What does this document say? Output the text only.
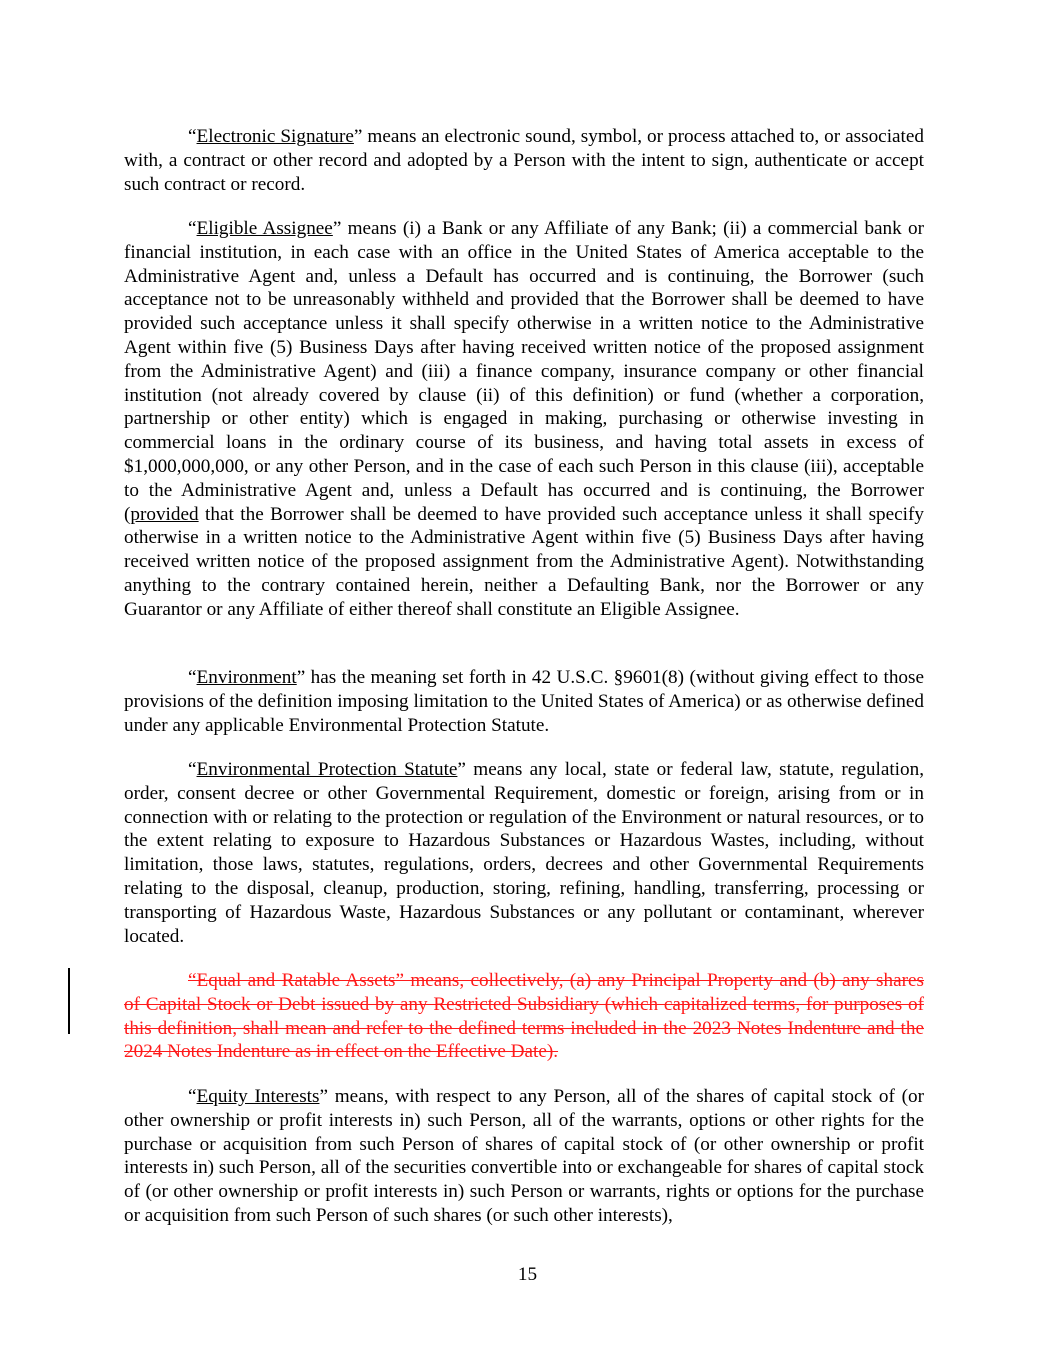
“Electronic Signature” means an electronic sound, symbol, or process attached to, or associated with, a contract or other record and adopted by a Person with the intent to sign, authenticate or accept such contract or record.

“Eligible Assignee” means (i) a Bank or any Affiliate of any Bank; (ii) a commercial bank or financial institution, in each case with an office in the United States of America acceptable to the Administrative Agent and, unless a Default has occurred and is continuing, the Borrower (such acceptance not to be unreasonably withheld and provided that the Borrower shall be deemed to have provided such acceptance unless it shall specify otherwise in a written notice to the Administrative Agent within five (5) Business Days after having received written notice of the proposed assignment from the Administrative Agent) and (iii) a finance company, insurance company or other financial institution (not already covered by clause (ii) of this definition) or fund (whether a corporation, partnership or other entity) which is engaged in making, purchasing or otherwise investing in commercial loans in the ordinary course of its business, and having total assets in excess of $1,000,000,000, or any other Person, and in the case of each such Person in this clause (iii), acceptable to the Administrative Agent and, unless a Default has occurred and is continuing, the Borrower (provided that the Borrower shall be deemed to have provided such acceptance unless it shall specify otherwise in a written notice to the Administrative Agent within five (5) Business Days after having received written notice of the proposed assignment from the Administrative Agent). Notwithstanding anything to the contrary contained herein, neither a Defaulting Bank, nor the Borrower or any Guarantor or any Affiliate of either thereof shall constitute an Eligible Assignee.

“Environment” has the meaning set forth in 42 U.S.C. §9601(8) (without giving effect to those provisions of the definition imposing limitation to the United States of America) or as otherwise defined under any applicable Environmental Protection Statute.

“Environmental Protection Statute” means any local, state or federal law, statute, regulation, order, consent decree or other Governmental Requirement, domestic or foreign, arising from or in connection with or relating to the protection or regulation of the Environment or natural resources, or to the extent relating to exposure to Hazardous Substances or Hazardous Wastes, including, without limitation, those laws, statutes, regulations, orders, decrees and other Governmental Requirements relating to the disposal, cleanup, production, storing, refining, handling, transferring, processing or transporting of Hazardous Waste, Hazardous Substances or any pollutant or contaminant, wherever located.

“Equal and Ratable Assets” means, collectively, (a) any Principal Property and (b) any shares of Capital Stock or Debt issued by any Restricted Subsidiary (which capitalized terms, for purposes of this definition, shall mean and refer to the defined terms included in the 2023 Notes Indenture and the 2024 Notes Indenture as in effect on the Effective Date).

“Equity Interests” means, with respect to any Person, all of the shares of capital stock of (or other ownership or profit interests in) such Person, all of the warrants, options or other rights for the purchase or acquisition from such Person of shares of capital stock of (or other ownership or profit interests in) such Person, all of the securities convertible into or exchangeable for shares of capital stock of (or other ownership or profit interests in) such Person or warrants, rights or options for the purchase or acquisition from such Person of such shares (or such other interests),

15
